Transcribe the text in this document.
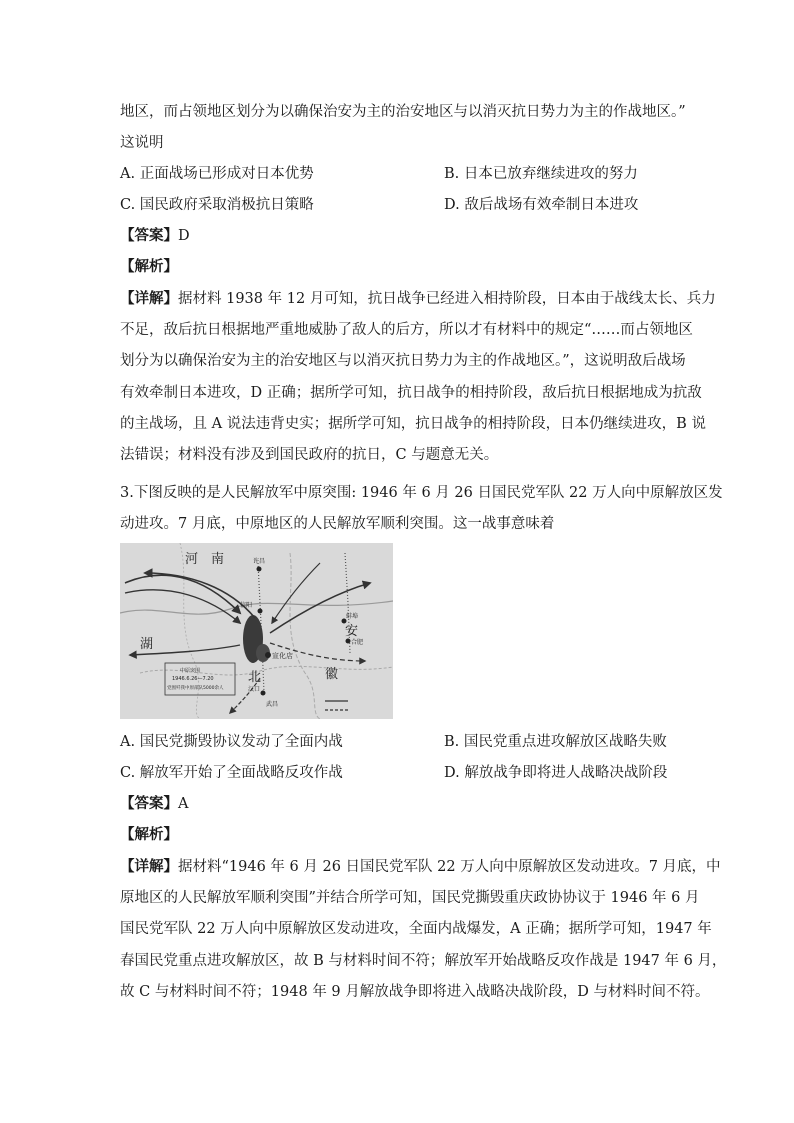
地区，而占领地区划分为以确保治安为主的治安地区与以消灭抗日势力为主的作战地区。”
这说明
A. 正面战场已形成对日本优势	B. 日本已放弃继续进攻的努力
C. 国民政府采取消极抗日策略	D. 敌后战场有效牵制日本进攻
【答案】D
【解析】
【详解】据材料 1938 年 12 月可知，抗日战争已经进入相持阶段，日本由于战线太长、兵力
不足，敌后抗日根据地严重地威胁了敌人的后方，所以才有材料中的规定“……而占领地区
划分为以确保治安为主的治安地区与以消灭抗日势力为主的作战地区。”，这说明敌后战场
有效牵制日本进攻，D 正确；据所学可知，抗日战争的相持阶段，敌后抗日根据地成为抗敌
的主战场，且 A 说法违背史实；据所学可知，抗日战争的相持阶段，日本仍继续进攻，B 说
法错误；材料没有涉及到国民政府的抗日，C 与题意无关。
3.下图反映的是人民解放军中原突围: 1946 年 6 月 26 日国民党军队 22 万人向中原解放区发
动进攻。7 月底，中原地区的人民解放军顺利突围。这一战事意味着
河　南
安
徽
湖
北
许昌
信阳
宣化店
合肥
蚌埠
汉口
武昌
中原突围
1946.6.26—7.20
党围歼我中原部队5000余人
A. 国民党撕毁协议发动了全面内战	B. 国民党重点进攻解放区战略失败
C. 解放军开始了全面战略反攻作战	D. 解放战争即将进人战略决战阶段
【答案】A
【解析】
【详解】据材料“1946 年 6 月 26 日国民党军队 22 万人向中原解放区发动进攻。7 月底，中
原地区的人民解放军顺利突围”并结合所学可知，国民党撕毁重庆政协协议于 1946 年 6 月
国民党军队 22 万人向中原解放区发动进攻，全面内战爆发，A 正确；据所学可知，1947 年
春国民党重点进攻解放区，故 B 与材料时间不符；解放军开始战略反攻作战是 1947 年 6 月，
故 C 与材料时间不符；1948 年 9 月解放战争即将进入战略决战阶段，D 与材料时间不符。
